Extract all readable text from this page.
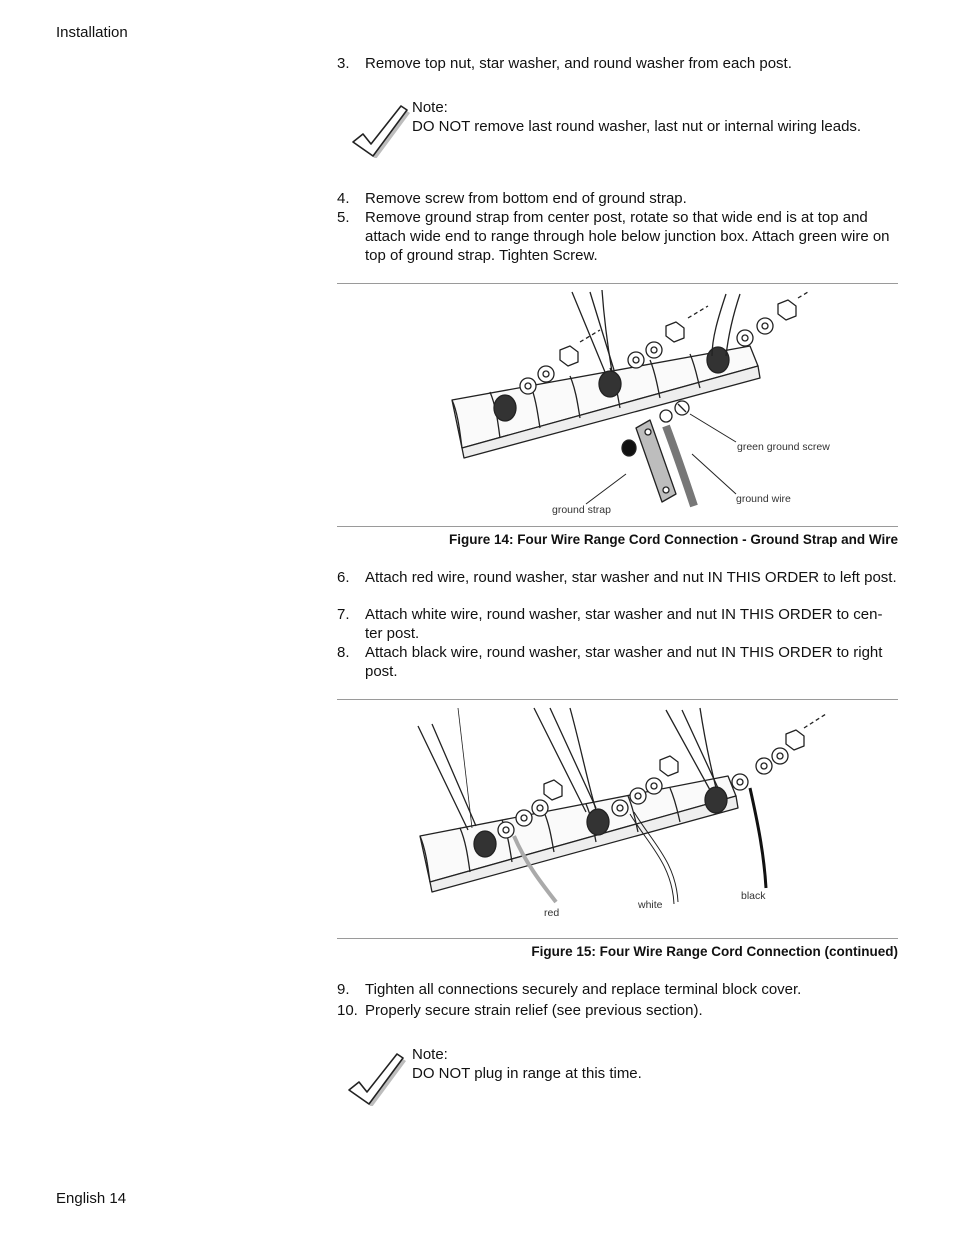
Installation
3. Remove top nut, star washer, and round washer from each post.
Note:
DO NOT remove last round washer, last nut or internal wiring leads.
4. Remove screw from bottom end of ground strap.
5. Remove ground strap from center post, rotate so that wide end is at top and attach wide end to range through hole below junction box. Attach green wire on top of ground strap. Tighten Screw.
green ground screw
ground wire
ground strap
Figure 14: Four Wire Range Cord Connection - Ground Strap and Wire
6. Attach red wire, round washer, star washer and nut IN THIS ORDER to left post.
7. Attach white wire, round washer, star washer and nut IN THIS ORDER to cen-ter post.
8. Attach black wire, round washer, star washer and nut IN THIS ORDER to right post.
red
white
black
Figure 15: Four Wire Range Cord Connection (continued)
9. Tighten all connections securely and replace terminal block cover.
10. Properly secure strain relief (see previous section).
Note:
DO NOT plug in range at this time.
English 14
